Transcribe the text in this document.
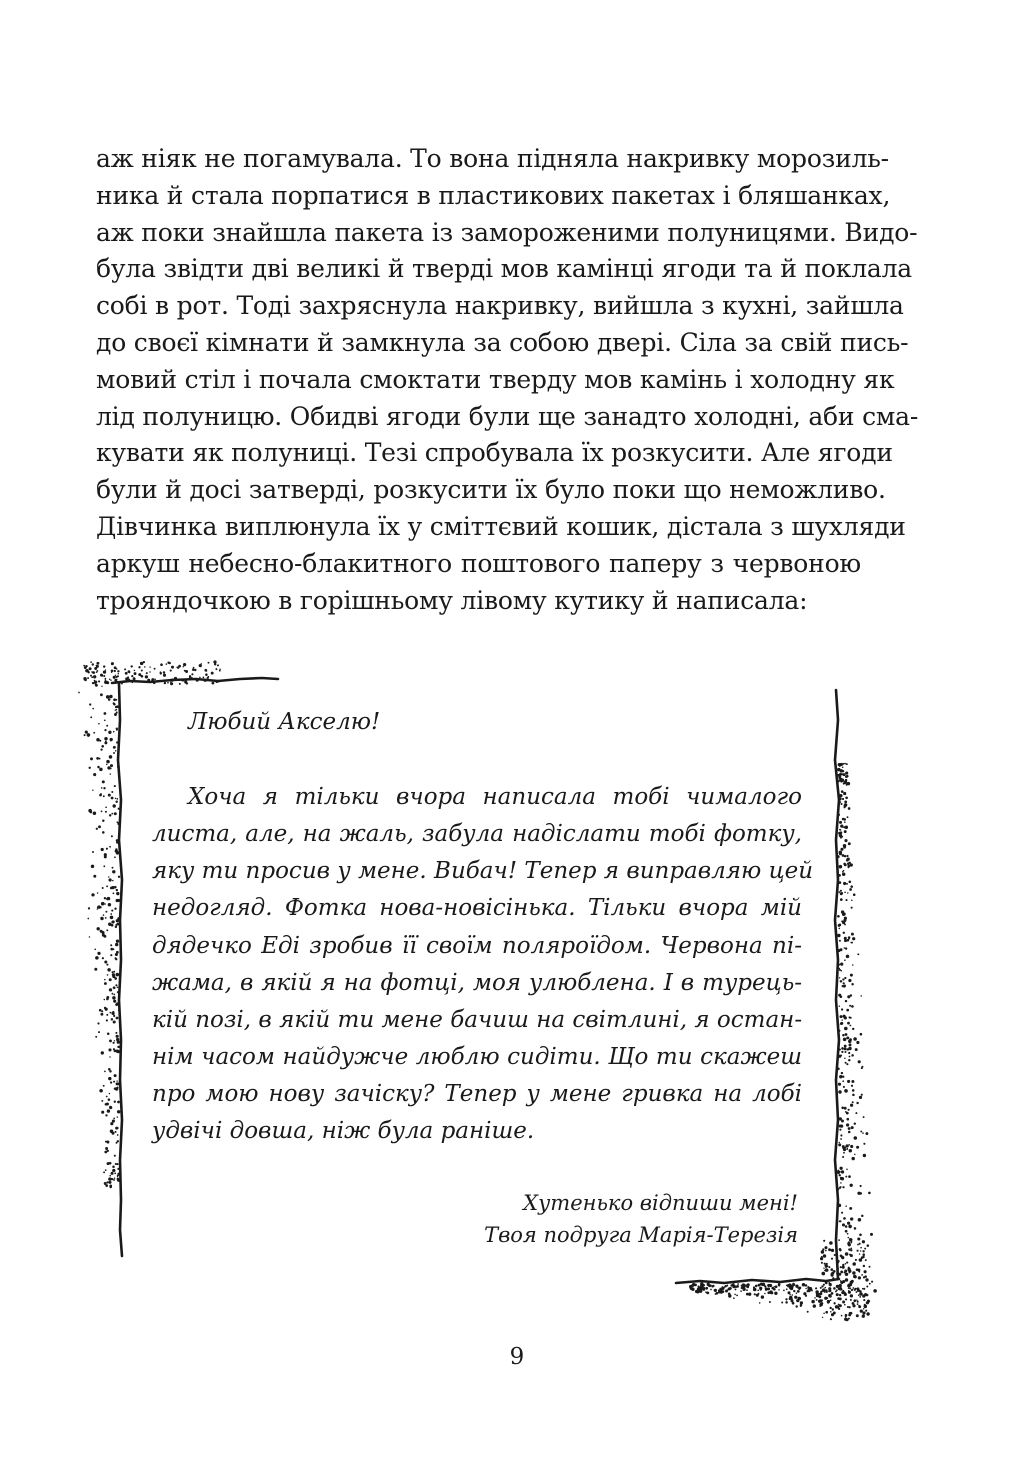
аж ніяк не погамувала. То вона підняла накривку морозиль-
ника й стала порпатися в пластикових пакетах і бляшанках,
аж поки знайшла пакета із замороженими полуницями. Видо-
була звідти дві великі й тверді мов камінці ягоди та й поклала
собі в рот. Тоді захряснула накривку, вийшла з кухні, зайшла
до своєї кімнати й замкнула за собою двері. Сіла за свій пись-
мовий стіл і почала смоктати тверду мов камінь і холодну як
лід полуницю. Обидві ягоди були ще занадто холодні, аби сма-
кувати як полуниці. Тезі спробувала їх розкусити. Але ягоди
були й досі затверді, розкусити їх було поки що неможливо.
Дівчинка виплюнула їх у сміттєвий кошик, дістала з шухляди
аркуш небесно-блакитного поштового паперу з червоною
трояндочкою в горішньому лівому кутику й написала:
Любий Акселю!
Хоча я тільки вчора написала тобі чималого
листа, але, на жаль, забула надіслати тобі фотку,
яку ти просив у мене. Вибач! Тепер я виправляю цей
недогляд. Фотка нова-новісінька. Тільки вчора мій
дядечко Еді зробив її своїм поляроїдом. Червона пі-
жама, в якій я на фотці, моя улюблена. І в турець-
кій позі, в якій ти мене бачиш на світлині, я остан-
нім часом найдужче люблю сидіти. Що ти скажеш
про мою нову зачіску? Тепер у мене гривка на лобі
удвічі довша, ніж була раніше.
Хутенько відпиши мені!
Твоя подруга Марія-Терезія
9
